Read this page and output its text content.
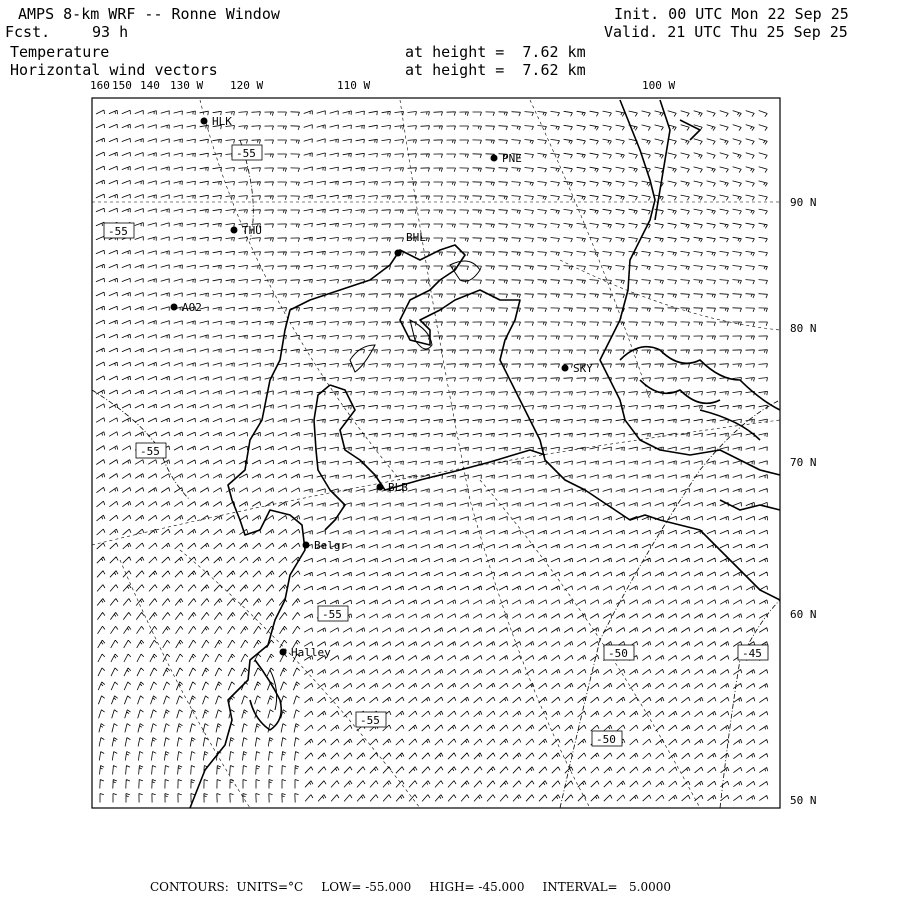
AMPS 8-km WRF -- Ronne Window
Fcst.	93 h
Init. 00 UTC Mon 22 Sep 25
Valid. 21 UTC Thu 25 Sep 25
Temperature
Horizontal wind vectors
at height =  7.62 km
at height =  7.62 km
160 150 140 130 W 120 W	110 W	100 W
90 N
80 N
70 N
60 N
50 N
HLK
PNE
THU
BHL
AO2
SKY
BLB
Belgr
Halley
-55
-55
-55
-55
-55
-50	-45
-50
CONTOURS:  UNITS=°C LOW= -55.000 HIGH= -45.000 INTERVAL=   5.0000
